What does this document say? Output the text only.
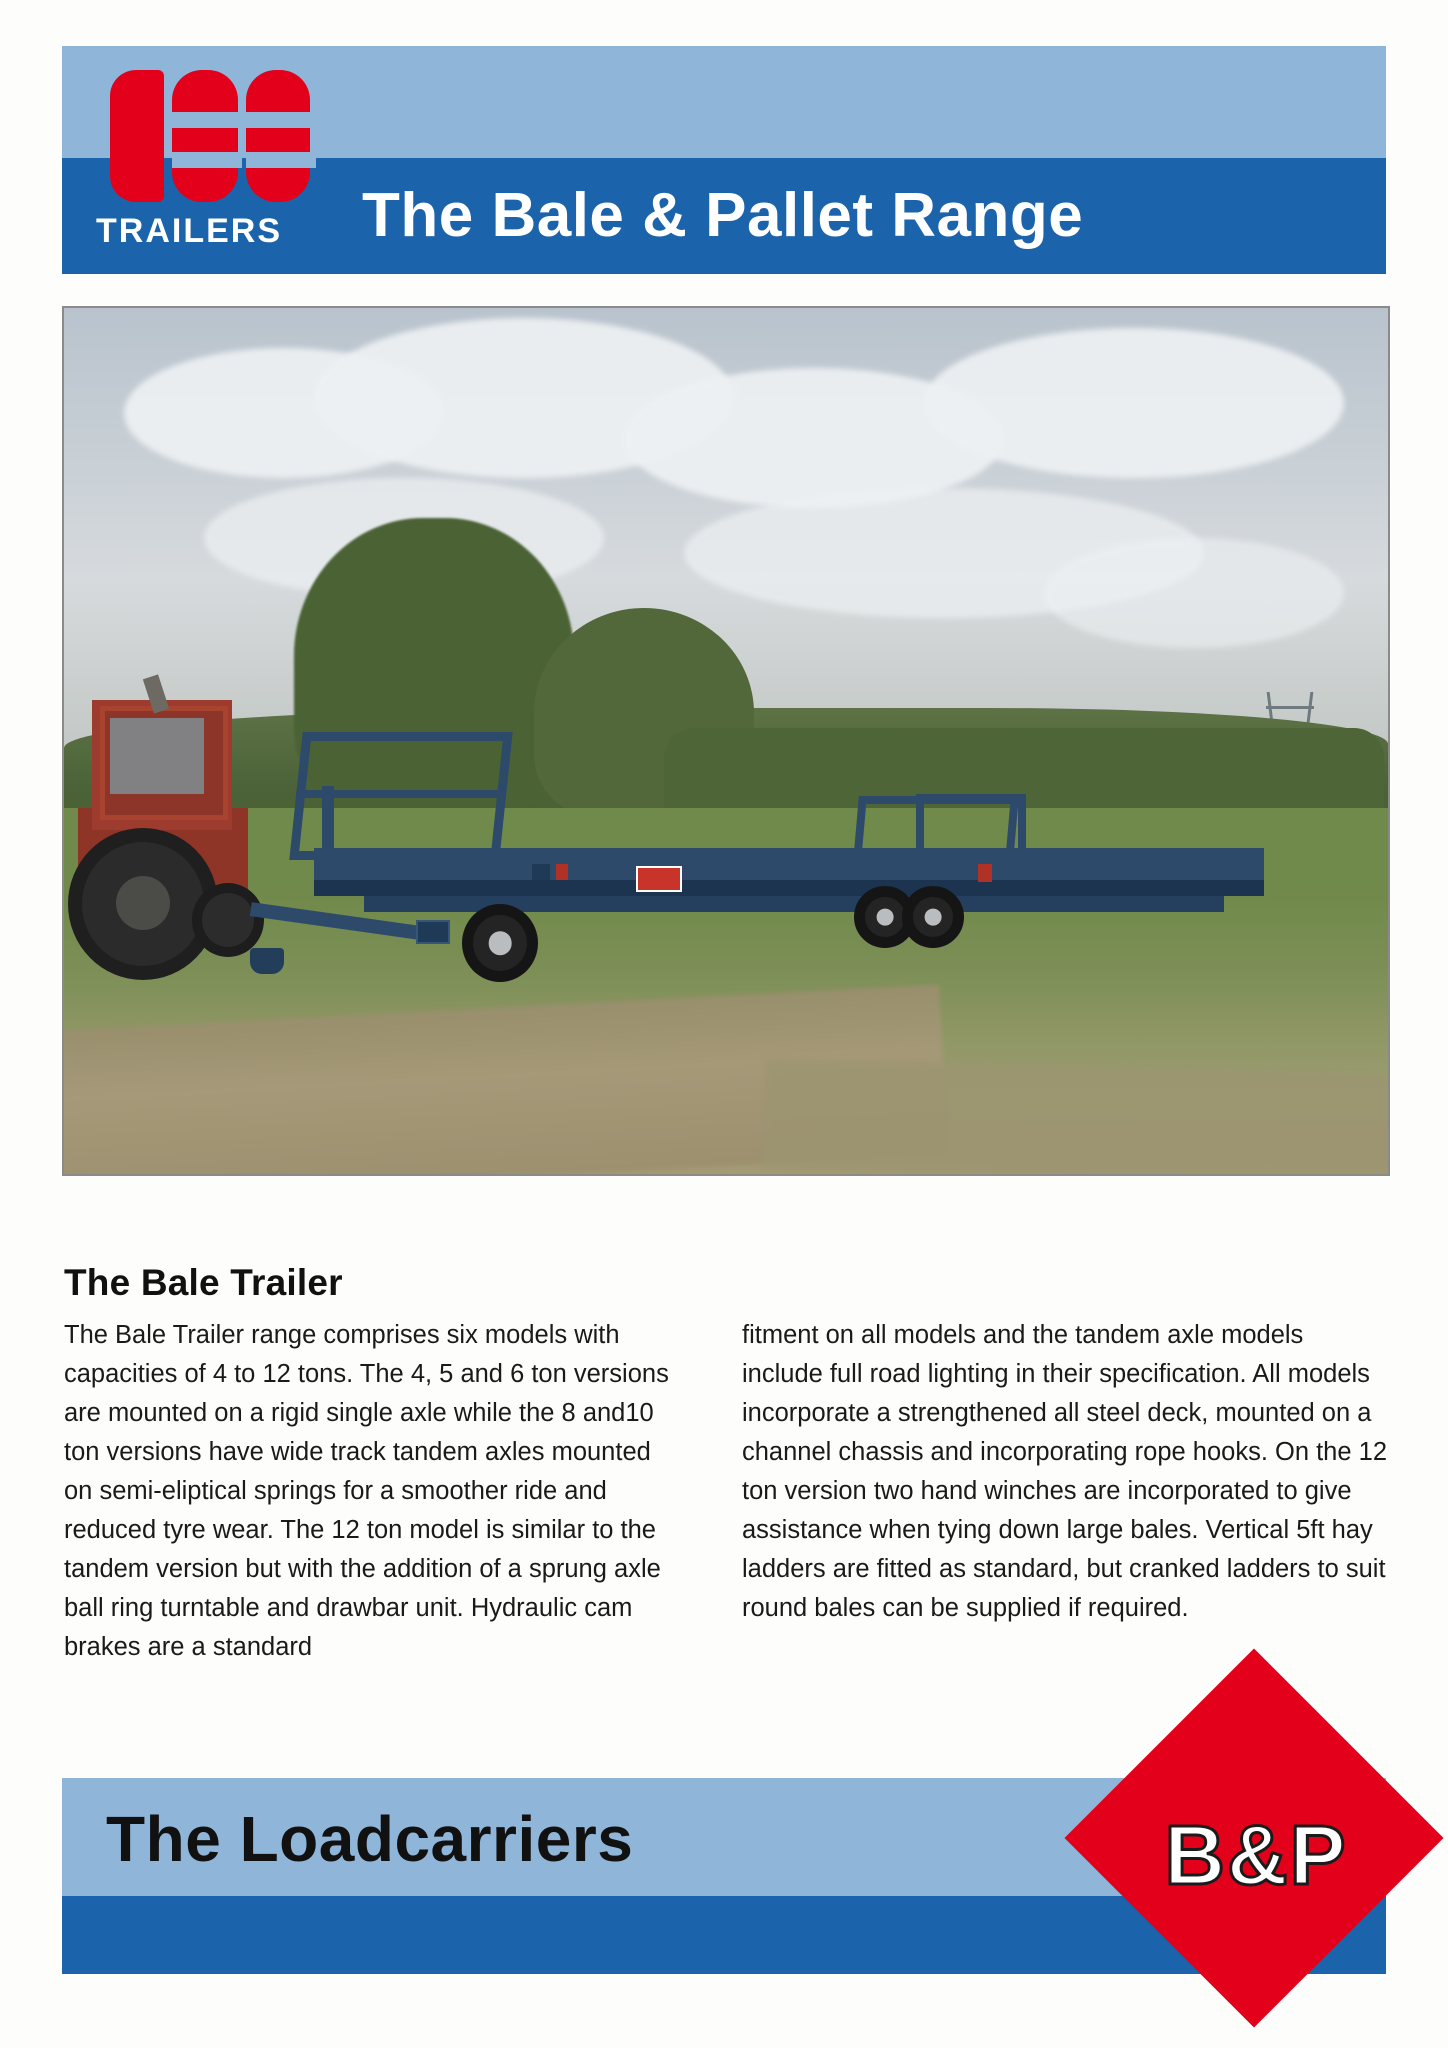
TRAILERS	The Bale & Pallet Range
The Bale Trailer
The Bale Trailer range comprises six models with capacities of 4 to 12 tons. The 4, 5 and 6 ton versions are mounted on a rigid single axle while the 8 and10 ton versions have wide track tandem axles mounted on semi-eliptical springs for a smoother ride and reduced tyre wear. The 12 ton model is similar to the tandem version but with the addition of a sprung axle ball ring turntable and drawbar unit. Hydraulic cam brakes are a standard
fitment on all models and the tandem axle models include full road lighting in their specification. All models incorporate a strengthened all steel deck, mounted on a channel chassis and incorporating rope hooks. On the 12 ton version two hand winches are incorporated to give assistance when tying down large bales. Vertical 5ft hay ladders are fitted as standard, but cranked ladders to suit round bales can be supplied if required.
The Loadcarriers	B&P
